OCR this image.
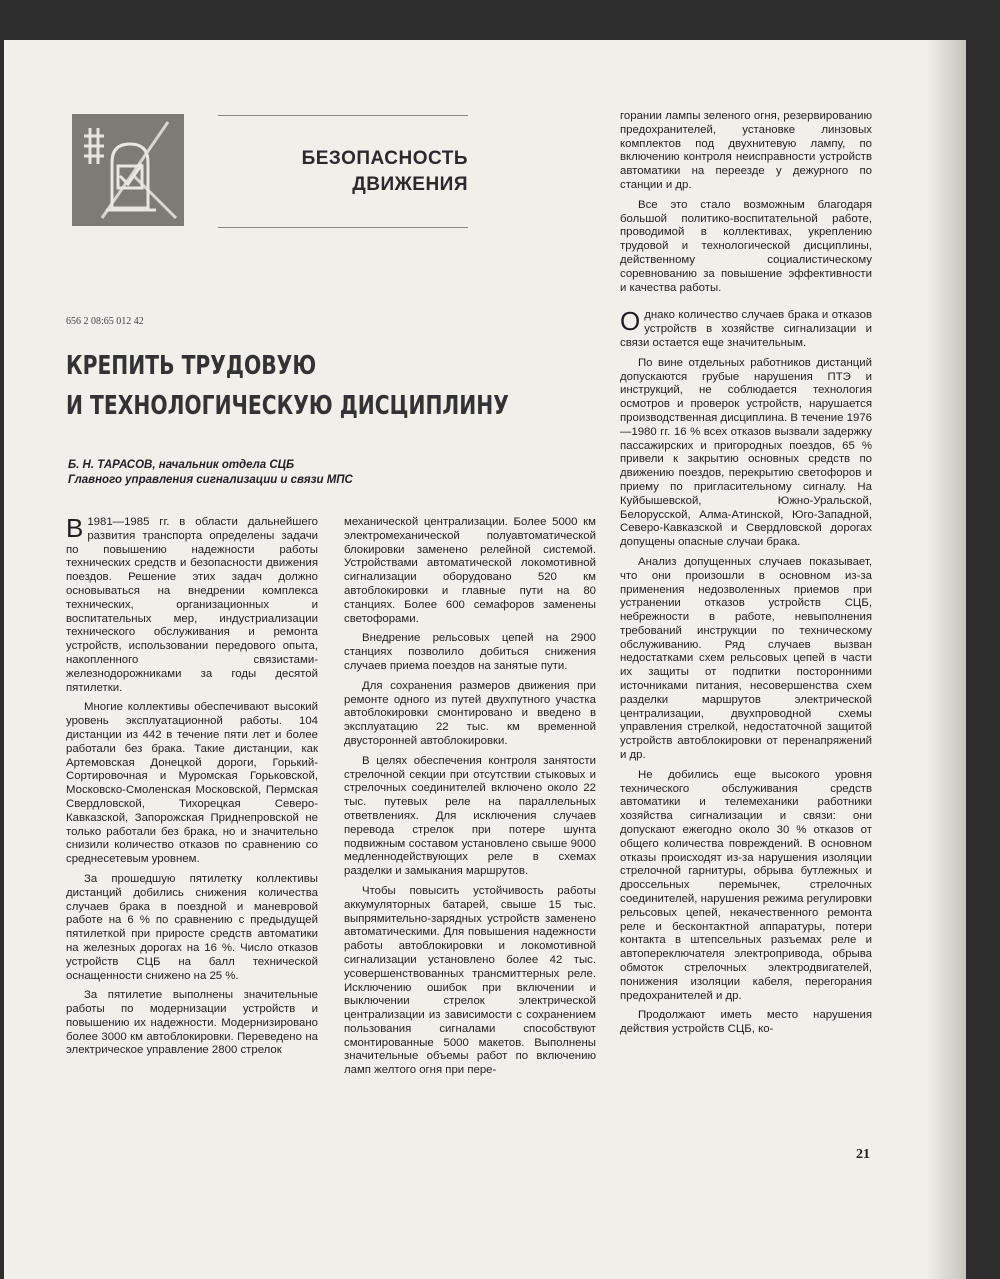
БЕЗОПАСНОСТЬ
ДВИЖЕНИЯ
656 2 08:65 012 42
КРЕПИТЬ ТРУДОВУЮ
И ТЕХНОЛОГИЧЕСКУЮ ДИСЦИПЛИНУ
Б. Н. ТАРАСОВ, начальник отдела СЦБ
Главного управления сигнализации и связи МПС

В1981—1985 гг. в области дальнейшего развития транспорта определены задачи по повышению надежности работы технических средств и безопасности движения поездов. Решение этих задач должно основываться на внедрении комплекса технических, организационных и воспитательных мер, индустриализации технического обслуживания и ремонта устройств, использовании передового опыта, накопленного связистами-железнодорожниками за годы десятой пятилетки.

Многие коллективы обеспечивают высокий уровень эксплуатационной работы. 104 дистанции из 442 в течение пяти лет и более работали без брака. Такие дистанции, как Артемовская Донецкой дороги, Горький-Сортировочная и Муромская Горьковской, Московско-Смоленская Московской, Пермская Свердловской, Тихорецкая Северо-Кавказской, Запорожская Приднепровской не только работали без брака, но и значительно снизили количество отказов по сравнению со среднесетевым уровнем.

За прошедшую пятилетку коллективы дистанций добились снижения количества случаев брака в поездной и маневровой работе на 6 % по сравнению с предыдущей пятилеткой при приросте средств автоматики на железных дорогах на 16 %. Число отказов устройств СЦБ на балл технической оснащенности снижено на 25 %.

За пятилетие выполнены значительные работы по модернизации устройств и повышению их надежности. Модернизировано более 3000 км автоблокировки. Переведено на электрическое управление 2800 стрелок

механической централизации. Более 5000 км электромеханической полуавтоматической блокировки заменено релейной системой. Устройствами автоматической локомотивной сигнализации оборудовано 520 км автоблокировки и главные пути на 80 станциях. Более 600 семафоров заменены светофорами.

Внедрение рельсовых цепей на 2900 станциях позволило добиться снижения случаев приема поездов на занятые пути.

Для сохранения размеров движения при ремонте одного из путей двухпутного участка автоблокировки смонтировано и введено в эксплуатацию 22 тыс. км временной двусторонней автоблокировки.

В целях обеспечения контроля занятости стрелочной секции при отсутствии стыковых и стрелочных соединителей включено около 22 тыс. путевых реле на параллельных ответвлениях. Для исключения случаев перевода стрелок при потере шунта подвижным составом установлено свыше 9000 медленнодействующих реле в схемах разделки и замыкания маршрутов.

Чтобы повысить устойчивость работы аккумуляторных батарей, свыше 15 тыс. выпрямительно-зарядных устройств заменено автоматическими. Для повышения надежности работы автоблокировки и локомотивной сигнализации установлено более 42 тыс. усовершенствованных трансмиттерных реле. Исключению ошибок при включении и выключении стрелок электрической централизации из зависимости с сохранением пользования сигналами способствуют смонтированные 5000 макетов. Выполнены значительные объемы работ по включению ламп желтого огня при пере-

горании лампы зеленого огня, резервированию предохранителей, установке линзовых комплектов под двухнитевую лампу, по включению контроля неисправности устройств автоматики на переезде у дежурного по станции и др.

Все это стало возможным благодаря большой политико-воспитательной работе, проводимой в коллективах, укреплению трудовой и технологической дисциплины, действенному социалистическому соревнованию за повышение эффективности и качества работы.

Однако количество случаев брака и отказов устройств в хозяйстве сигнализации и связи остается еще значительным.

По вине отдельных работников дистанций допускаются грубые нарушения ПТЭ и инструкций, не соблюдается технология осмотров и проверок устройств, нарушается производственная дисциплина. В течение 1976—1980 гг. 16 % всех отказов вызвали задержку пассажирских и пригородных поездов, 65 % привели к закрытию основных средств по движению поездов, перекрытию светофоров и приему по пригласительному сигналу. На Куйбышевской, Южно-Уральской, Белорусской, Алма-Атинской, Юго-Западной, Северо-Кавказской и Свердловской дорогах допущены опасные случаи брака.

Анализ допущенных случаев показывает, что они произошли в основном из-за применения недозволенных приемов при устранении отказов устройств СЦБ, небрежности в работе, невыполнения требований инструкции по техническому обслуживанию. Ряд случаев вызван недостатками схем рельсовых цепей в части их защиты от подпитки посторонними источниками питания, несовершенства схем разделки маршрутов электрической централизации, двухпроводной схемы управления стрелкой, недостаточной защитой устройств автоблокировки от перенапряжений и др.

Не добились еще высокого уровня технического обслуживания средств автоматики и телемеханики работники хозяйства сигнализации и связи: они допускают ежегодно около 30 % отказов от общего количества повреждений. В основном отказы происходят из-за нарушения изоляции стрелочной гарнитуры, обрыва бутлежных и дроссельных перемычек, стрелочных соединителей, нарушения режима регулировки рельсовых цепей, некачественного ремонта реле и бесконтактной аппаратуры, потери контакта в штепсельных разъемах реле и автопереключателя электропривода, обрыва обмоток стрелочных электродвигателей, понижения изоляции кабеля, перегорания предохранителей и др.

Продолжают иметь место нарушения действия устройств СЦБ, ко-

21
